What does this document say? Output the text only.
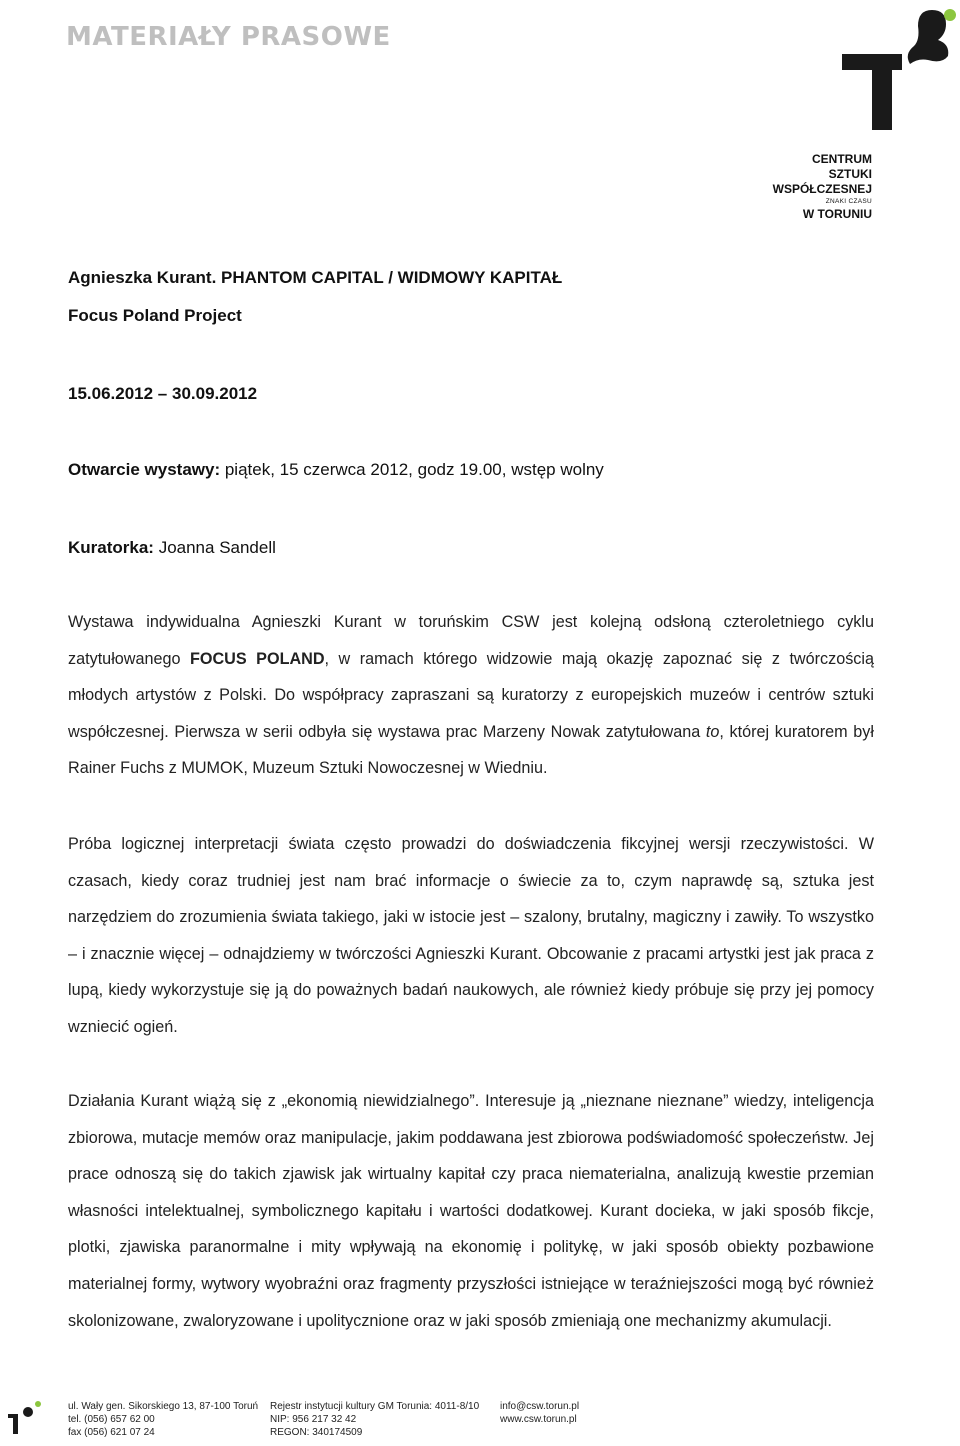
MATERIAŁY PRASOWE
CENTRUM
SZTUKI
WSPÓŁCZESNEJ
ZNAKI CZASU
W TORUNIU
Agnieszka Kurant. PHANTOM CAPITAL / WIDMOWY KAPITAŁ
Focus Poland Project
15.06.2012 – 30.09.2012
Otwarcie wystawy: piątek, 15 czerwca 2012, godz 19.00, wstęp wolny
Kuratorka: Joanna Sandell

Wystawa indywidualna Agnieszki Kurant w toruńskim CSW jest kolejną odsłoną czteroletniego cyklu zatytułowanego FOCUS POLAND, w ramach którego widzowie mają okazję zapoznać się z twórczością młodych artystów z Polski. Do współpracy zapraszani są kuratorzy z europejskich muzeów i centrów sztuki współczesnej. Pierwsza w serii odbyła się wystawa prac Marzeny Nowak zatytułowana to, której kuratorem był Rainer Fuchs z MUMOK, Muzeum Sztuki Nowoczesnej w Wiedniu.

Próba logicznej interpretacji świata często prowadzi do doświadczenia fikcyjnej wersji rzeczywistości. W czasach, kiedy coraz trudniej jest nam brać informacje o świecie za to, czym naprawdę są, sztuka jest narzędziem do zrozumienia świata takiego, jaki w istocie jest – szalony, brutalny, magiczny i zawiły. To wszystko – i znacznie więcej – odnajdziemy w twórczości Agnieszki Kurant. Obcowanie z pracami artystki jest jak praca z lupą, kiedy wykorzystuje się ją do poważnych badań naukowych, ale również kiedy próbuje się przy jej pomocy wzniecić ogień.

Działania Kurant wiążą się z „ekonomią niewidzialnego”. Interesuje ją „nieznane nieznane” wiedzy, inteligencja zbiorowa, mutacje memów oraz manipulacje, jakim poddawana jest zbiorowa podświadomość społeczeństw. Jej prace odnoszą się do takich zjawisk jak wirtualny kapitał czy praca niematerialna, analizują kwestie przemian własności intelektualnej, symbolicznego kapitału i wartości dodatkowej. Kurant docieka, w jaki sposób fikcje, plotki, zjawiska paranormalne i mity wpływają na ekonomię i politykę, w jaki sposób obiekty pozbawione materialnej formy, wytwory wyobraźni oraz fragmenty przyszłości istniejące w teraźniejszości mogą być również skolonizowane, zwaloryzowane i upolitycznione oraz w jaki sposób zmieniają one mechanizmy akumulacji.

ul. Wały gen. Sikorskiego 13, 87-100 Toruń
tel. (056) 657 62 00
fax (056) 621 07 24
Rejestr instytucji kultury GM Torunia: 4011-8/10
NIP: 956 217 32 42
REGON: 340174509
info@csw.torun.pl
www.csw.torun.pl
